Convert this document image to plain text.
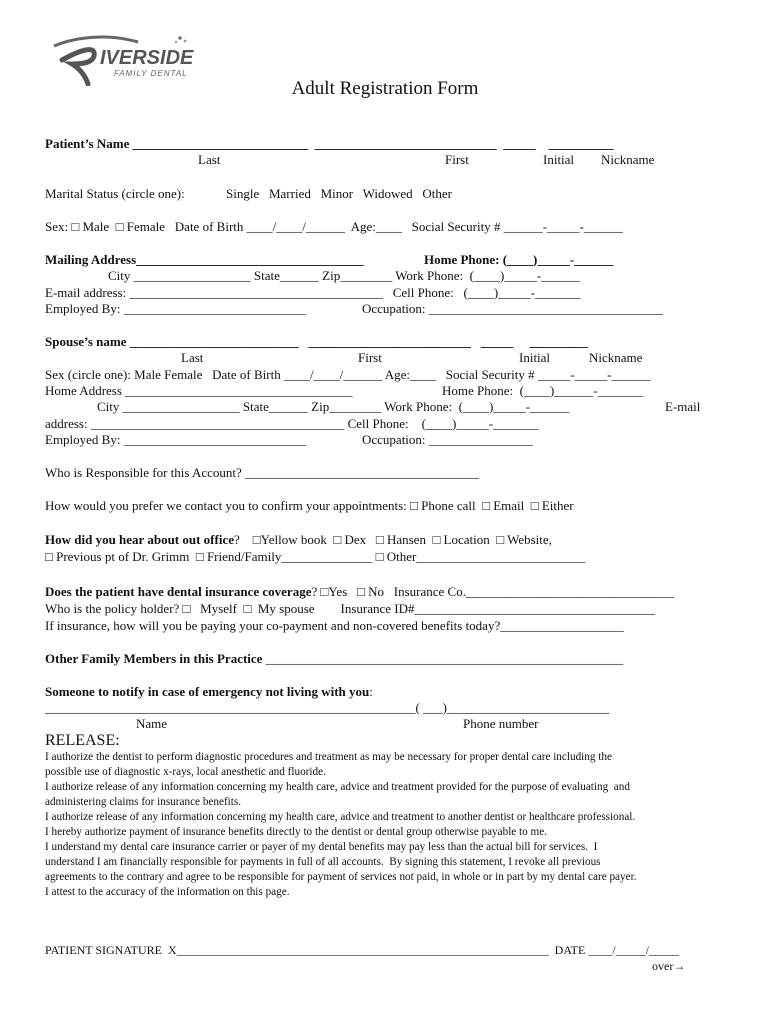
IVERSIDE
FAMILY DENTAL
Adult Registration Form
Patient’s Name ___________________________  ____________________________  _____    __________
Last	First	Initial Nickname
Marital Status (circle one):	Single   Married   Minor   Widowed   Other
Sex: □ Male  □ Female   Date of Birth ____/____/______  Age:____   Social Security # ______-_____-______
Mailing Address___________________________________	Home Phone: (____)_____-______
City __________________ State______ Zip________ Work Phone:  (____)_____-______
E-mail address: _______________________________________   Cell Phone:   (____)_____-_______
Employed By: ____________________________	Occupation: ____________________________________
Spouse’s name __________________________   _________________________   _____     _________
Last	First	Initial	Nickname
Sex (circle one): Male Female   Date of Birth ____/____/______ Age:____   Social Security # _____-_____-______
Home Address ___________________________________	Home Phone:  (____)______-_______
City __________________ State______ Zip________ Work Phone:  (____)_____-______	E-mail
address: _______________________________________ Cell Phone:    (____)_____-_______
Employed By: ____________________________	Occupation: ________________
Who is Responsible for this Account? ____________________________________
How would you prefer we contact you to confirm your appointments: □ Phone call  □ Email  □ Either
How did you hear about out office?    □Yellow book  □ Dex   □ Hansen  □ Location  □ Website,
□ Previous pt of Dr. Grimm  □ Friend/Family______________ □ Other__________________________
Does the patient have dental insurance coverage? □Yes   □ No   Insurance Co.________________________________
Who is the policy holder? □   Myself  □  My spouse        Insurance ID#_____________________________________
If insurance, how will you be paying your co-payment and non-covered benefits today?___________________
Other Family Members in this Practice _______________________________________________________
Someone to notify in case of emergency not living with you:
_________________________________________________________( ___)_________________________
Name	Phone number
RELEASE:
I authorize the dentist to perform diagnostic procedures and treatment as may be necessary for proper dental care including the
possible use of diagnostic x-rays, local anesthetic and fluoride.
I authorize release of any information concerning my health care, advice and treatment provided for the purpose of evaluating  and
administering claims for insurance benefits.
I authorize release of any information concerning my health care, advice and treatment to another dentist or healthcare professional.
I hereby authorize payment of insurance benefits directly to the dentist or dental group otherwise payable to me.
I understand my dental care insurance carrier or payer of my dental benefits may pay less than the actual bill for services.  I
understand I am financially responsible for payments in full of all accounts.  By signing this statement, I revoke all previous
agreements to the contrary and agree to be responsible for payment of services not paid, in whole or in part by my dental care payer.
I attest to the accuracy of the information on this page.
PATIENT SIGNATURE  X______________________________________________________________  DATE ____/_____/_____
over→
